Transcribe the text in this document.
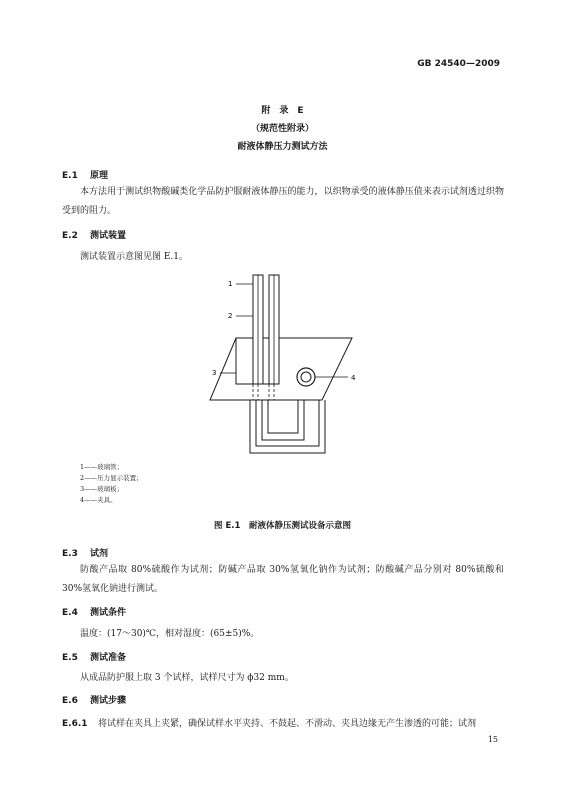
GB 24540—2009
附　录　E
（规范性附录）
耐液体静压力测试方法
E.1 原理
本方法用于测试织物酸碱类化学品防护服耐液体静压的能力，以织物承受的液体静压值来表示试剂透过织物受到的阻力。
E.2 测试装置
测试装置示意图见图 E.1。
1
2
3
4
1——玻璃管；
2——压力显示装置；
3——玻璃板；
4——夹具。
图 E.1　耐液体静压测试设备示意图
E.3 试剂
防酸产品取 80%硫酸作为试剂；防碱产品取 30%氢氧化钠作为试剂；防酸碱产品分别对 80%硫酸和 30%氢氧化钠进行测试。
E.4 测试条件
温度：(17～30)℃，相对湿度：(65±5)%。
E.5 测试准备
从成品防护服上取 3 个试样，试样尺寸为 ϕ32 mm。
E.6 测试步骤
E.6.1 将试样在夹具上夹紧，确保试样水平夹持、不鼓起、不滑动、夹具边缘无产生渗透的可能；试剂
15
